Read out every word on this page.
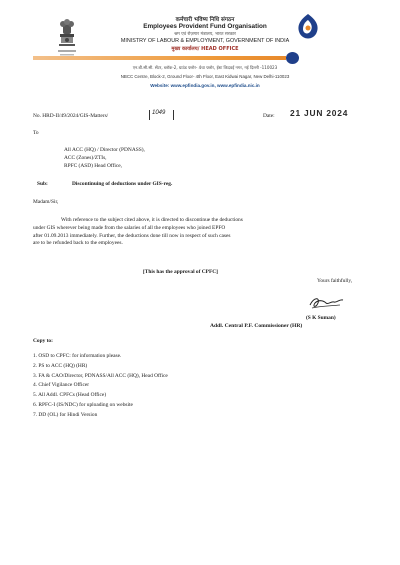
कर्मचारी भविष्य निधि संगठन
Employees Provident Fund Organisation
श्रम एवं रोज़गार मंत्रालय, भारत सरकार
MINISTRY OF LABOUR & EMPLOYMENT, GOVERNMENT OF INDIA
मुख्य कार्यालय/ HEAD OFFICE
एन.बी.सी.सी. सेंटर, ब्लॉक-2, ग्राउंड फ्लोर- 4था फ्लोर, ईस्ट किदवई नगर, नई दिल्ली -110023
NBCC Centre, Block-2, Ground Floor- 4th Floor, East Kidwai Nagar, New Delhi-110023
Website: www.epfindia.gov.in, www.epfindia.nic.in
No. HRD-II/49/2024/GIS-Matters/	1049	Date: 21 JUN 2024
To
All ACC (HQ) / Director (PDNASS),
ACC (Zones)/ZTIs,
RPFC (ASD) Head Office,
Sub:	Discontinuing of deductions under GIS-reg.
Madam/Sir,
With reference to the subject cited above, it is directed to discontinue the deductions
under GIS wherever being made from the salaries of all the employees who joined EPFO
after 01.09.2013 immediately. Further, the deductions done till now in respect of such cases
are to be refunded back to the employees.
[This has the approval of CPFC]
Yours faithfully,
(S K Suman)
Addl. Central P.F. Commissioner (HR)
Copy to:
1. OSD to CPFC: for information please.
2. PS to ACC (HQ) (HR)
3. FA & CAO/Director, PDNASS/All ACC (HQ), Head Office
4. Chief Vigilance Officer
5. All Addl. CPFCs (Head Office)
6. RPFC-I (IS/NDC) for uploading on website
7. DD (OL) for Hindi Version
